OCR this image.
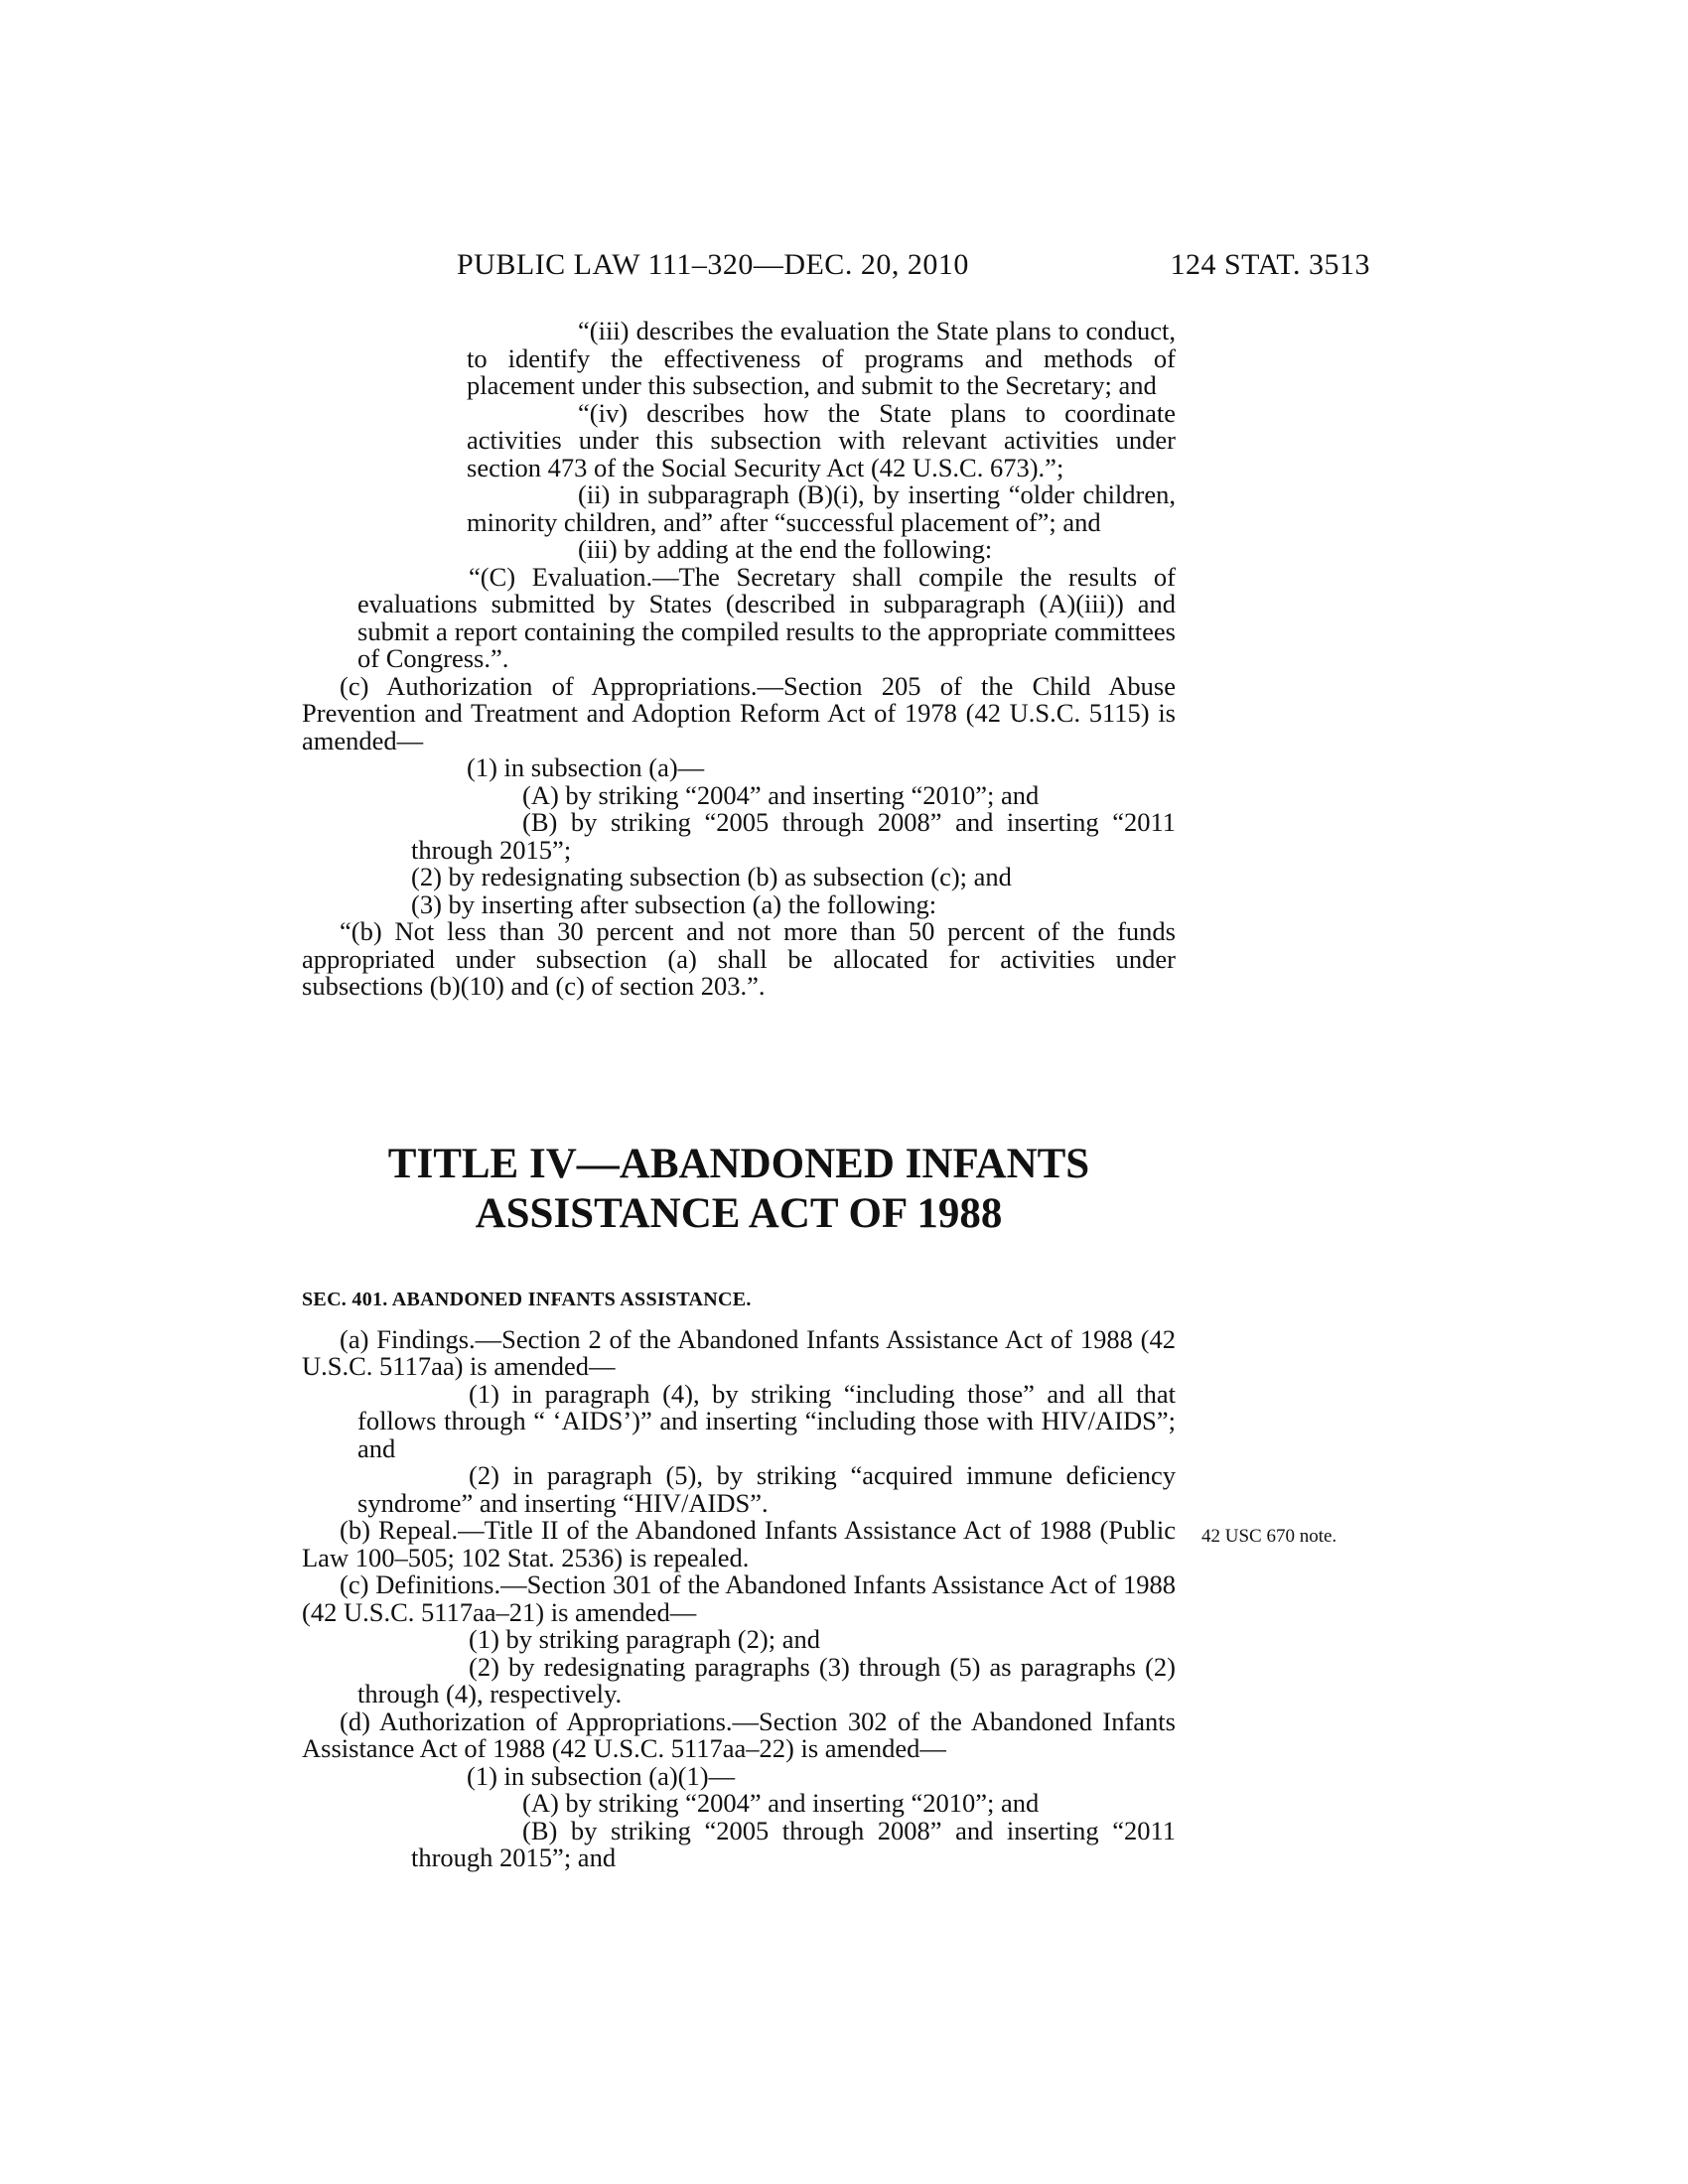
PUBLIC LAW 111–320—DEC. 20, 2010	124 STAT. 3513

“(iii) describes the evaluation the State plans to conduct, to identify the effectiveness of programs and methods of placement under this subsection, and submit to the Secretary; and

“(iv) describes how the State plans to coordinate activities under this subsection with relevant activities under section 473 of the Social Security Act (42 U.S.C. 673).”;

(ii) in subparagraph (B)(i), by inserting “older children, minority children, and” after “successful placement of”; and

(iii) by adding at the end the following:

“(C) Evaluation.—The Secretary shall compile the results of evaluations submitted by States (described in subparagraph (A)(iii)) and submit a report containing the compiled results to the appropriate committees of Congress.”.

(c) Authorization of Appropriations.—Section 205 of the Child Abuse Prevention and Treatment and Adoption Reform Act of 1978 (42 U.S.C. 5115) is amended—

(1) in subsection (a)—

(A) by striking “2004” and inserting “2010”; and

(B) by striking “2005 through 2008” and inserting “2011 through 2015”;

(2) by redesignating subsection (b) as subsection (c); and

(3) by inserting after subsection (a) the following:

“(b) Not less than 30 percent and not more than 50 percent of the funds appropriated under subsection (a) shall be allocated for activities under subsections (b)(10) and (c) of section 203.”.

TITLE IV—ABANDONED INFANTS
ASSISTANCE ACT OF 1988

SEC. 401. ABANDONED INFANTS ASSISTANCE.

(a) Findings.—Section 2 of the Abandoned Infants Assistance Act of 1988 (42 U.S.C. 5117aa) is amended—

(1) in paragraph (4), by striking “including those” and all that follows through “ ‘AIDS’)” and inserting “including those with HIV/AIDS”; and

(2) in paragraph (5), by striking “acquired immune deficiency syndrome” and inserting “HIV/AIDS”.

(b) Repeal.—Title II of the Abandoned Infants Assistance Act of 1988 (Public Law 100–505; 102 Stat. 2536) is repealed.

(c) Definitions.—Section 301 of the Abandoned Infants Assistance Act of 1988 (42 U.S.C. 5117aa–21) is amended—

(1) by striking paragraph (2); and

(2) by redesignating paragraphs (3) through (5) as paragraphs (2) through (4), respectively.

(d) Authorization of Appropriations.—Section 302 of the Abandoned Infants Assistance Act of 1988 (42 U.S.C. 5117aa–22) is amended—

(1) in subsection (a)(1)—

(A) by striking “2004” and inserting “2010”; and

(B) by striking “2005 through 2008” and inserting “2011 through 2015”; and

42 USC 670 note.
